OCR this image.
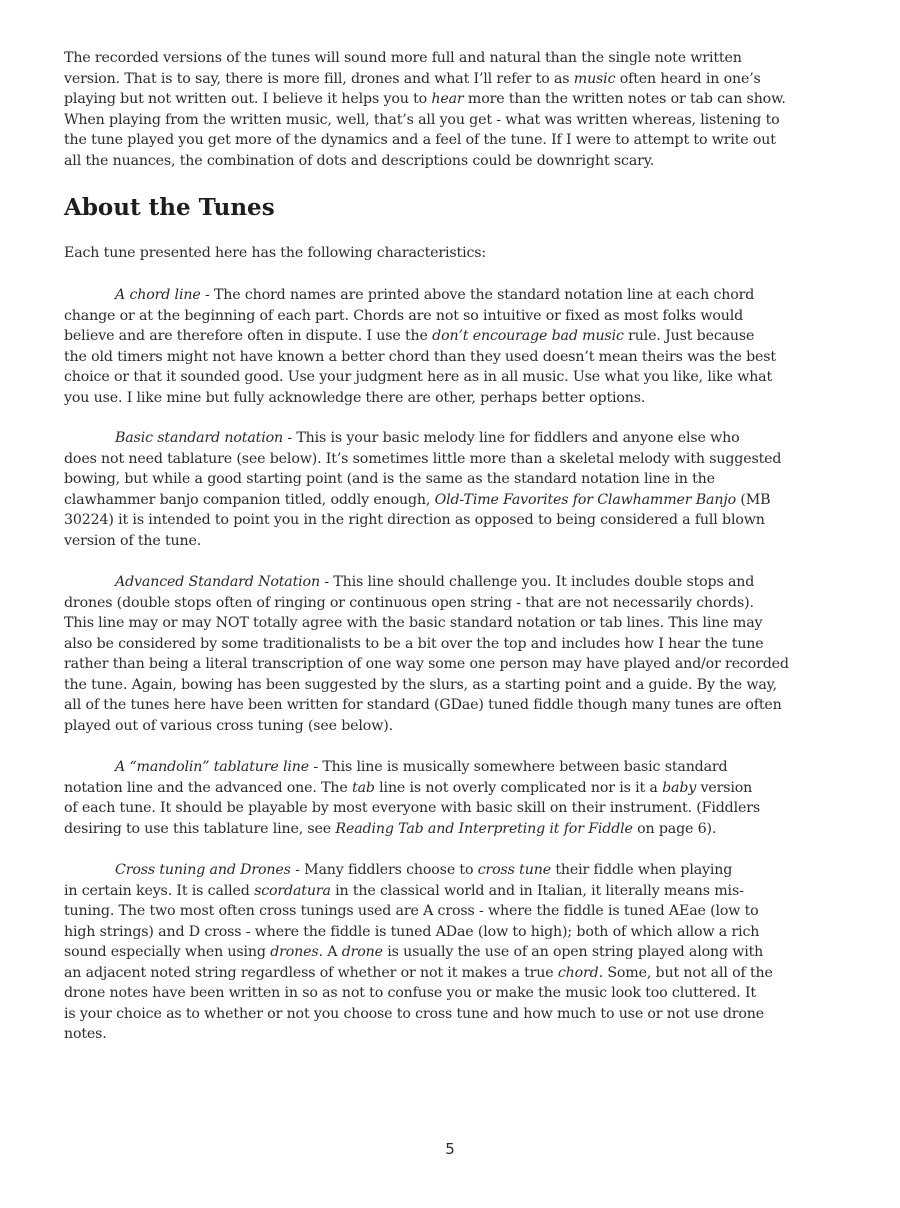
The recorded versions of the tunes will sound more full and natural than the single note written
version. That is to say, there is more fill, drones and what I’ll refer to as music often heard in one’s
playing but not written out. I believe it helps you to hear more than the written notes or tab can show.
When playing from the written music, well, that’s all you get - what was written whereas, listening to
the tune played you get more of the dynamics and a feel of the tune. If I were to attempt to write out
all the nuances, the combination of dots and descriptions could be downright scary.
About the Tunes
Each tune presented here has the following characteristics:
A chord line - The chord names are printed above the standard notation line at each chord
change or at the beginning of each part. Chords are not so intuitive or fixed as most folks would
believe and are therefore often in dispute. I use the don’t encourage bad music rule. Just because
the old timers might not have known a better chord than they used doesn’t mean theirs was the best
choice or that it sounded good. Use your judgment here as in all music. Use what you like, like what
you use. I like mine but fully acknowledge there are other, perhaps better options.
Basic standard notation - This is your basic melody line for fiddlers and anyone else who
does not need tablature (see below). It’s sometimes little more than a skeletal melody with suggested
bowing, but while a good starting point (and is the same as the standard notation line in the
clawhammer banjo companion titled, oddly enough, Old-Time Favorites for Clawhammer Banjo (MB
30224) it is intended to point you in the right direction as opposed to being considered a full blown
version of the tune.
Advanced Standard Notation - This line should challenge you. It includes double stops and
drones (double stops often of ringing or continuous open string - that are not necessarily chords).
This line may or may NOT totally agree with the basic standard notation or tab lines. This line may
also be considered by some traditionalists to be a bit over the top and includes how I hear the tune
rather than being a literal transcription of one way some one person may have played and/or recorded
the tune. Again, bowing has been suggested by the slurs, as a starting point and a guide. By the way,
all of the tunes here have been written for standard (GDae) tuned fiddle though many tunes are often
played out of various cross tuning (see below).
A “mandolin” tablature line - This line is musically somewhere between basic standard
notation line and the advanced one. The tab line is not overly complicated nor is it a baby version
of each tune. It should be playable by most everyone with basic skill on their instrument. (Fiddlers
desiring to use this tablature line, see Reading Tab and Interpreting it for Fiddle on page 6).
Cross tuning and Drones - Many fiddlers choose to cross tune their fiddle when playing
in certain keys. It is called scordatura in the classical world and in Italian, it literally means mis-
tuning. The two most often cross tunings used are A cross - where the fiddle is tuned AEae (low to
high strings) and D cross - where the fiddle is tuned ADae (low to high); both of which allow a rich
sound especially when using drones. A drone is usually the use of an open string played along with
an adjacent noted string regardless of whether or not it makes a true chord. Some, but not all of the
drone notes have been written in so as not to confuse you or make the music look too cluttered. It
is your choice as to whether or not you choose to cross tune and how much to use or not use drone
notes.
5
